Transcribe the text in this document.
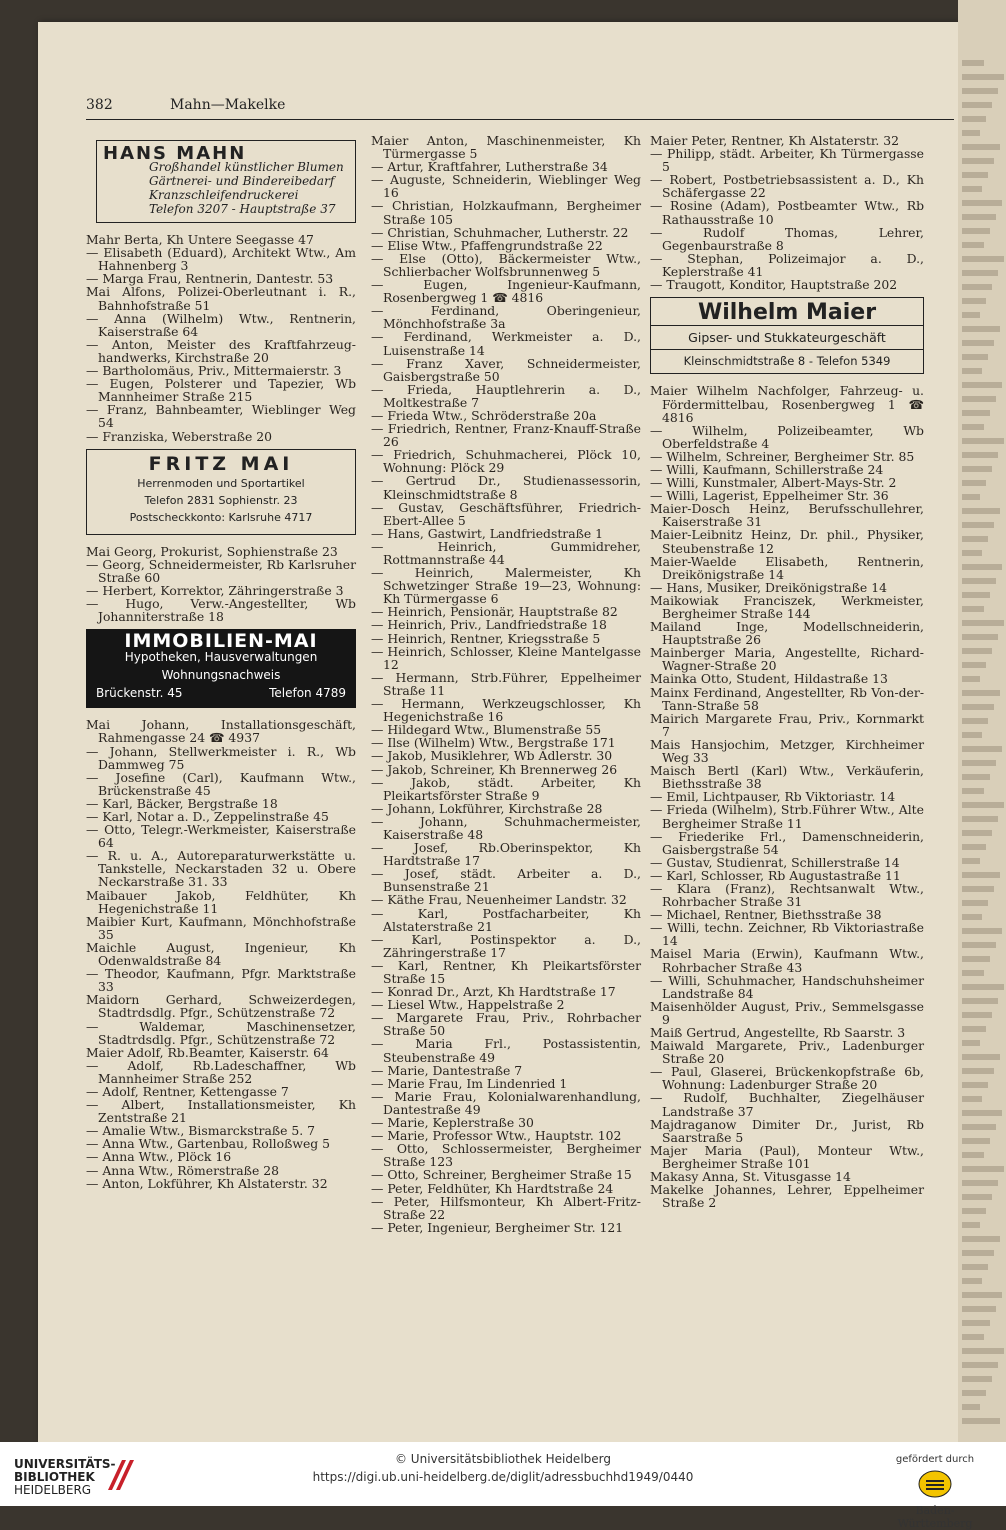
382	Mahn—Makelke
HANS MAHN
Großhandel künstlicher Blumen
Gärtnerei- und Bindereibedarf
Kranzschleifendruckerei
Telefon 3207 - Hauptstraße 37

Mahr Berta, Kh Untere Seegasse 47

— Elisabeth (Eduard), Architekt Wtw., Am Hahnenberg 3

— Marga Frau, Rentnerin, Dantestr. 53

Mai Alfons, Polizei-Oberleutnant i. R., Bahnhofstraße 51

— Anna (Wilhelm) Wtw., Rentnerin, Kaiserstraße 64

— Anton, Meister des Kraftfahrzeug-handwerks, Kirchstraße 20

— Bartholomäus, Priv., Mittermaierstr. 3

— Eugen, Polsterer und Tapezier, Wb Mannheimer Straße 215

— Franz, Bahnbeamter, Wieblinger Weg 54

— Franziska, Weberstraße 20

FRITZ MAI
Herrenmoden und Sportartikel
Telefon 2831 Sophienstr. 23
Postscheckkonto: Karlsruhe 4717

Mai Georg, Prokurist, Sophienstraße 23

— Georg, Schneidermeister, Rb Karlsruher Straße 60

— Herbert, Korrektor, Zähringerstraße 3

— Hugo, Verw.-Angestellter, Wb Johanniterstraße 18

IMMOBILIEN-MAI
Hypotheken, Hausverwaltungen
Wohnungsnachweis
Brückenstr. 45	Telefon 4789

Mai Johann, Installationsgeschäft, Rahmengasse 24 ☎ 4937

— Johann, Stellwerkmeister i. R., Wb Dammweg 75

— Josefine (Carl), Kaufmann Wtw., Brückenstraße 45

— Karl, Bäcker, Bergstraße 18

— Karl, Notar a. D., Zeppelinstraße 45

— Otto, Telegr.-Werkmeister, Kaiserstraße 64

— R. u. A., Autoreparaturwerkstätte u. Tankstelle, Neckarstaden 32 u. Obere Neckarstraße 31. 33

Maibauer Jakob, Feldhüter, Kh Hegenichstraße 11

Maibier Kurt, Kaufmann, Mönchhofstraße 35

Maichle August, Ingenieur, Kh Odenwaldstraße 84

— Theodor, Kaufmann, Pfgr. Marktstraße 33

Maidorn Gerhard, Schweizerdegen, Stadtrdsdlg. Pfgr., Schützenstraße 72

— Waldemar, Maschinensetzer, Stadtrdsdlg. Pfgr., Schützenstraße 72

Maier Adolf, Rb.Beamter, Kaiserstr. 64

— Adolf, Rb.Ladeschaffner, Wb Mannheimer Straße 252

— Adolf, Rentner, Kettengasse 7

— Albert, Installationsmeister, Kh Zentstraße 21

— Amalie Wtw., Bismarckstraße 5. 7

— Anna Wtw., Gartenbau, Rolloßweg 5

— Anna Wtw., Plöck 16

— Anna Wtw., Römerstraße 28

— Anton, Lokführer, Kh Alstaterstr. 32

Maier Anton, Maschinenmeister, Kh Türmergasse 5

— Artur, Kraftfahrer, Lutherstraße 34

— Auguste, Schneiderin, Wieblinger Weg 16

— Christian, Holzkaufmann, Bergheimer Straße 105

— Christian, Schuhmacher, Lutherstr. 22

— Elise Wtw., Pfaffengrundstraße 22

— Else (Otto), Bäckermeister Wtw., Schlierbacher Wolfsbrunnenweg 5

— Eugen, Ingenieur-Kaufmann, Rosenbergweg 1 ☎ 4816

— Ferdinand, Oberingenieur, Mönchhofstraße 3a

— Ferdinand, Werkmeister a. D., Luisenstraße 14

— Franz Xaver, Schneidermeister, Gaisbergstraße 50

— Frieda, Hauptlehrerin a. D., Moltkestraße 7

— Frieda Wtw., Schröderstraße 20a

— Friedrich, Rentner, Franz-Knauff-Straße 26

— Friedrich, Schuhmacherei, Plöck 10, Wohnung: Plöck 29

— Gertrud Dr., Studienassessorin, Kleinschmidtstraße 8

— Gustav, Geschäftsführer, Friedrich-Ebert-Allee 5

— Hans, Gastwirt, Landfriedstraße 1

— Heinrich, Gummidreher, Rottmannstraße 44

— Heinrich, Malermeister, Kh Schwetzinger Straße 19—23, Wohnung: Kh Türmergasse 6

— Heinrich, Pensionär, Hauptstraße 82

— Heinrich, Priv., Landfriedstraße 18

— Heinrich, Rentner, Kriegsstraße 5

— Heinrich, Schlosser, Kleine Mantelgasse 12

— Hermann, Strb.Führer, Eppelheimer Straße 11

— Hermann, Werkzeugschlosser, Kh Hegenichstraße 16

— Hildegard Wtw., Blumenstraße 55

— Ilse (Wilhelm) Wtw., Bergstraße 171

— Jakob, Musiklehrer, Wb Adlerstr. 30

— Jakob, Schreiner, Kh Brennerweg 26

— Jakob, städt. Arbeiter, Kh Pleikartsförster Straße 9

— Johann, Lokführer, Kirchstraße 28

— Johann, Schuhmachermeister, Kaiserstraße 48

— Josef, Rb.Oberinspektor, Kh Hardtstraße 17

— Josef, städt. Arbeiter a. D., Bunsenstraße 21

— Käthe Frau, Neuenheimer Landstr. 32

— Karl, Postfacharbeiter, Kh Alstaterstraße 21

— Karl, Postinspektor a. D., Zähringerstraße 17

— Karl, Rentner, Kh Pleikartsförster Straße 15

— Konrad Dr., Arzt, Kh Hardtstraße 17

— Liesel Wtw., Happelstraße 2

— Margarete Frau, Priv., Rohrbacher Straße 50

— Maria Frl., Postassistentin, Steubenstraße 49

— Marie, Dantestraße 7

— Marie Frau, Im Lindenried 1

— Marie Frau, Kolonialwarenhandlung, Dantestraße 49

— Marie, Keplerstraße 30

— Marie, Professor Wtw., Hauptstr. 102

— Otto, Schlossermeister, Bergheimer Straße 123

— Otto, Schreiner, Bergheimer Straße 15

— Peter, Feldhüter, Kh Hardtstraße 24

— Peter, Hilfsmonteur, Kh Albert-Fritz-Straße 22

— Peter, Ingenieur, Bergheimer Str. 121

Maier Peter, Rentner, Kh Alstaterstr. 32

— Philipp, städt. Arbeiter, Kh Türmergasse 5

— Robert, Postbetriebsassistent a. D., Kh Schäfergasse 22

— Rosine (Adam), Postbeamter Wtw., Rb Rathausstraße 10

— Rudolf Thomas, Lehrer, Gegenbaurstraße 8

— Stephan, Polizeimajor a. D., Keplerstraße 41

— Traugott, Konditor, Hauptstraße 202

Wilhelm Maier
Gipser- und Stukkateurgeschäft
Kleinschmidtstraße 8 - Telefon 5349

Maier Wilhelm Nachfolger, Fahrzeug- u. Fördermittelbau, Rosenbergweg 1 ☎ 4816

— Wilhelm, Polizeibeamter, Wb Oberfeldstraße 4

— Wilhelm, Schreiner, Bergheimer Str. 85

— Willi, Kaufmann, Schillerstraße 24

— Willi, Kunstmaler, Albert-Mays-Str. 2

— Willi, Lagerist, Eppelheimer Str. 36

Maier-Dosch Heinz, Berufsschullehrer, Kaiserstraße 31

Maier-Leibnitz Heinz, Dr. phil., Physiker, Steubenstraße 12

Maier-Waelde Elisabeth, Rentnerin, Dreikönigstraße 14

— Hans, Musiker, Dreikönigstraße 14

Maikowiak Franciszek, Werkmeister, Bergheimer Straße 144

Mailand Inge, Modellschneiderin, Hauptstraße 26

Mainberger Maria, Angestellte, Richard-Wagner-Straße 20

Mainka Otto, Student, Hildastraße 13

Mainx Ferdinand, Angestellter, Rb Von-der-Tann-Straße 58

Mairich Margarete Frau, Priv., Kornmarkt 7

Mais Hansjochim, Metzger, Kirchheimer Weg 33

Maisch Bertl (Karl) Wtw., Verkäuferin, Biethsstraße 38

— Emil, Lichtpauser, Rb Viktoriastr. 14

— Frieda (Wilhelm), Strb.Führer Wtw., Alte Bergheimer Straße 11

— Friederike Frl., Damenschneiderin, Gaisbergstraße 54

— Gustav, Studienrat, Schillerstraße 14

— Karl, Schlosser, Rb Augustastraße 11

— Klara (Franz), Rechtsanwalt Wtw., Rohrbacher Straße 31

— Michael, Rentner, Biethsstraße 38

— Willi, techn. Zeichner, Rb Viktoriastraße 14

Maisel Maria (Erwin), Kaufmann Wtw., Rohrbacher Straße 43

— Willi, Schuhmacher, Handschuhsheimer Landstraße 84

Maisenhölder August, Priv., Semmelsgasse 9

Maiß Gertrud, Angestellte, Rb Saarstr. 3

Maiwald Margarete, Priv., Ladenburger Straße 20

— Paul, Glaserei, Brückenkopfstraße 6b, Wohnung: Ladenburger Straße 20

— Rudolf, Buchhalter, Ziegelhäuser Landstraße 37

Majdraganow Dimiter Dr., Jurist, Rb Saarstraße 5

Majer Maria (Paul), Monteur Wtw., Bergheimer Straße 101

Makasy Anna, St. Vitusgasse 14

Makelke Johannes, Lehrer, Eppelheimer Straße 2

UNIVERSITÄTS-
BIBLIOTHEK
HEIDELBERG
© Universitätsbibliothek Heidelberg
https://digi.ub.uni-heidelberg.de/diglit/adressbuchhd1949/0440
gefördert durch
Baden-Württemberg
